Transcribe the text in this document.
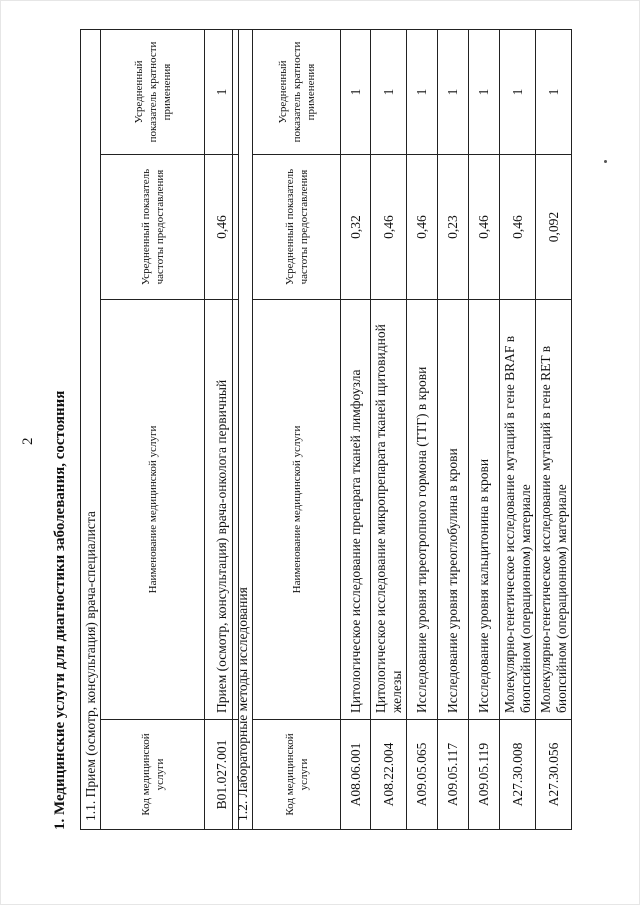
2 1. Медицинские услуги для диагностики заболевания, состояния 1.1. Прием (осмотр, консультация) врача-специалиста			
Код медицинской услуги	Наименование медицинской услуги	Усредненный показатель частоты предоставления	Усредненный показатель кратности применения
B01.027.001	Прием (осмотр, консультация) врача-онколога первичный	0,46	1
1.2. Лабораторные методы исследования			
Код медицинской услуги	Наименование медицинской услуги	Усредненный показатель частоты предоставления	Усредненный показатель кратности применения
A08.06.001	Цитологическое исследование препарата тканей лимфоузла	0,32	1
A08.22.004	Цитологическое исследование микропрепарата тканей щитовидной железы	0,46	1
A09.05.065	Исследование уровня тиреотропного гормона (ТТГ) в крови	0,46	1
A09.05.117	Исследование уровня тиреоглобулина в крови	0,23	1
A09.05.119	Исследование уровня кальцитонина в крови	0,46	1
A27.30.008	Молекулярно-генетическое исследование мутаций в гене BRAF в биопсийном (операционном) материале	0,46	1
A27.30.056	Молекулярно-генетическое исследование мутаций в гене RET в биопсийном (операционном) материале	0,092	1
